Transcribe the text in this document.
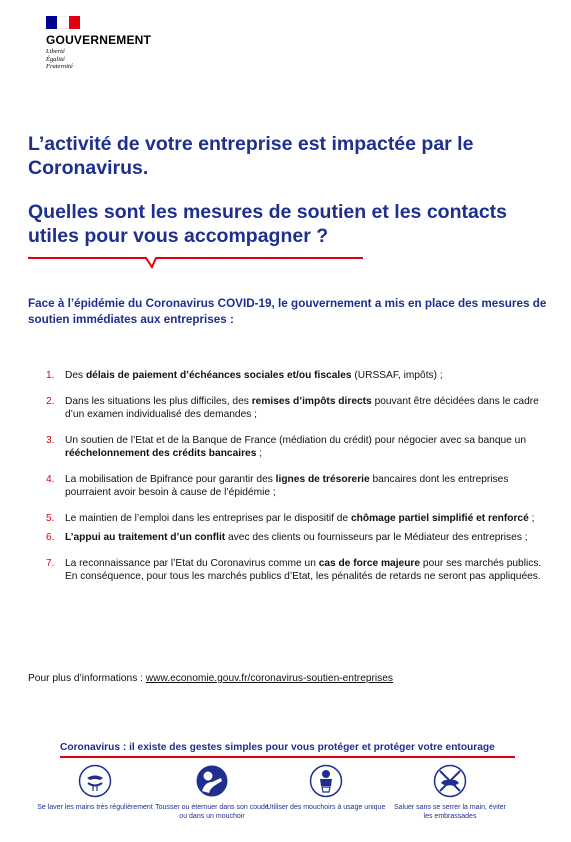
GOUVERNEMENT
Liberté
Égalité
Fraternité
L’activité de votre entreprise est impactée par le Coronavirus.
Quelles sont les mesures de soutien et les contacts utiles pour vous accompagner ?

Face à l’épidémie du Coronavirus COVID-19, le gouvernement a mis en place des mesures de soutien immédiates aux entreprises :

1.	Des délais de paiement d’échéances sociales et/ou fiscales (URSSAF, impôts) ;
2.	Dans les situations les plus difficiles, des remises d’impôts directs pouvant être décidées dans le cadre d’un examen individualisé des demandes ;
3.	Un soutien de l’Etat et de la Banque de France (médiation du crédit) pour négocier avec sa banque un rééchelonnement des crédits bancaires ;
4.	La mobilisation de Bpifrance pour garantir des lignes de trésorerie bancaires dont les entreprises pourraient avoir besoin à cause de l’épidémie ;
5.	Le maintien de l’emploi dans les entreprises par le dispositif de chômage partiel simplifié et renforcé ;
6.	L’appui au traitement d’un conflit avec des clients ou fournisseurs par le Médiateur des entreprises ;
7.	La reconnaissance par l’Etat du Coronavirus comme un cas de force majeure pour ses marchés publics. En conséquence, pour tous les marchés publics d’Etat, les pénalités de retards ne seront pas appliquées.

Pour plus d’informations : www.economie.gouv.fr/coronavirus-soutien-entreprises

Coronavirus : il existe des gestes simples pour vous protéger et protéger votre entourage

Se laver les mains très régulièrement Tousser ou éternuer dans son coude ou dans un mouchoir
Utiliser des mouchoirs à usage unique	Saluer sans se serrer la main, éviter les embrassades
